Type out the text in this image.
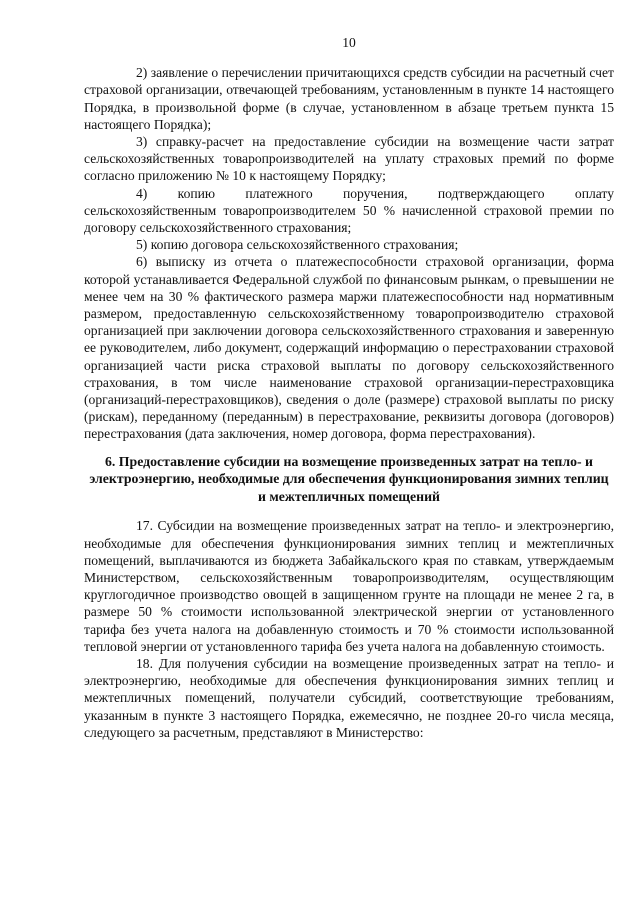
10

2) заявление о перечислении причитающихся средств субсидии на расчетный счет страховой организации, отвечающей требованиям, установленным в пункте 14 настоящего Порядка, в произвольной форме (в случае, установленном в абзаце третьем пункта 15 настоящего Порядка);

3) справку-расчет на предоставление субсидии на возмещение части затрат сельскохозяйственных товаропроизводителей на уплату страховых премий по форме согласно приложению № 10 к настоящему Порядку;

4) копию платежного поручения, подтверждающего оплату сельскохозяйственным товаропроизводителем 50 % начисленной страховой премии по договору сельскохозяйственного страхования;

5) копию договора сельскохозяйственного страхования;

6) выписку из отчета о платежеспособности страховой организации, форма которой устанавливается Федеральной службой по финансовым рынкам, о превышении не менее чем на 30 % фактического размера маржи платежеспособности над нормативным размером, предоставленную сельскохозяйственному товаропроизводителю страховой организацией при заключении договора сельскохозяйственного страхования и заверенную ее руководителем, либо документ, содержащий информацию о перестраховании страховой организацией части риска страховой выплаты по договору сельскохозяйственного страхования, в том числе наименование страховой организации-перестраховщика (организаций-перестраховщиков), сведения о доле (размере) страховой выплаты по риску (рискам), переданному (переданным) в перестрахование, реквизиты договора (договоров) перестрахования (дата заключения, номер договора, форма перестрахования).

6. Предоставление субсидии на возмещение произведенных затрат на тепло- и электроэнергию, необходимые для обеспечения функционирования зимних теплиц и межтепличных помещений

17. Субсидии на возмещение произведенных затрат на тепло- и электроэнергию, необходимые для обеспечения функционирования зимних теплиц и межтепличных помещений, выплачиваются из бюджета Забайкальского края по ставкам, утверждаемым Министерством, сельскохозяйственным товаропроизводителям, осуществляющим круглогодичное производство овощей в защищенном грунте на площади не менее 2 га, в размере 50 % стоимости использованной электрической энергии от установленного тарифа без учета налога на добавленную стоимость и 70 % стоимости использованной тепловой энергии от установленного тарифа без учета налога на добавленную стоимость.

18. Для получения субсидии на возмещение произведенных затрат на тепло- и электроэнергию, необходимые для обеспечения функционирования зимних теплиц и межтепличных помещений, получатели субсидий, соответствующие требованиям, указанным в пункте 3 настоящего Порядка, ежемесячно, не позднее 20-го числа месяца, следующего за расчетным, представляют в Министерство:
